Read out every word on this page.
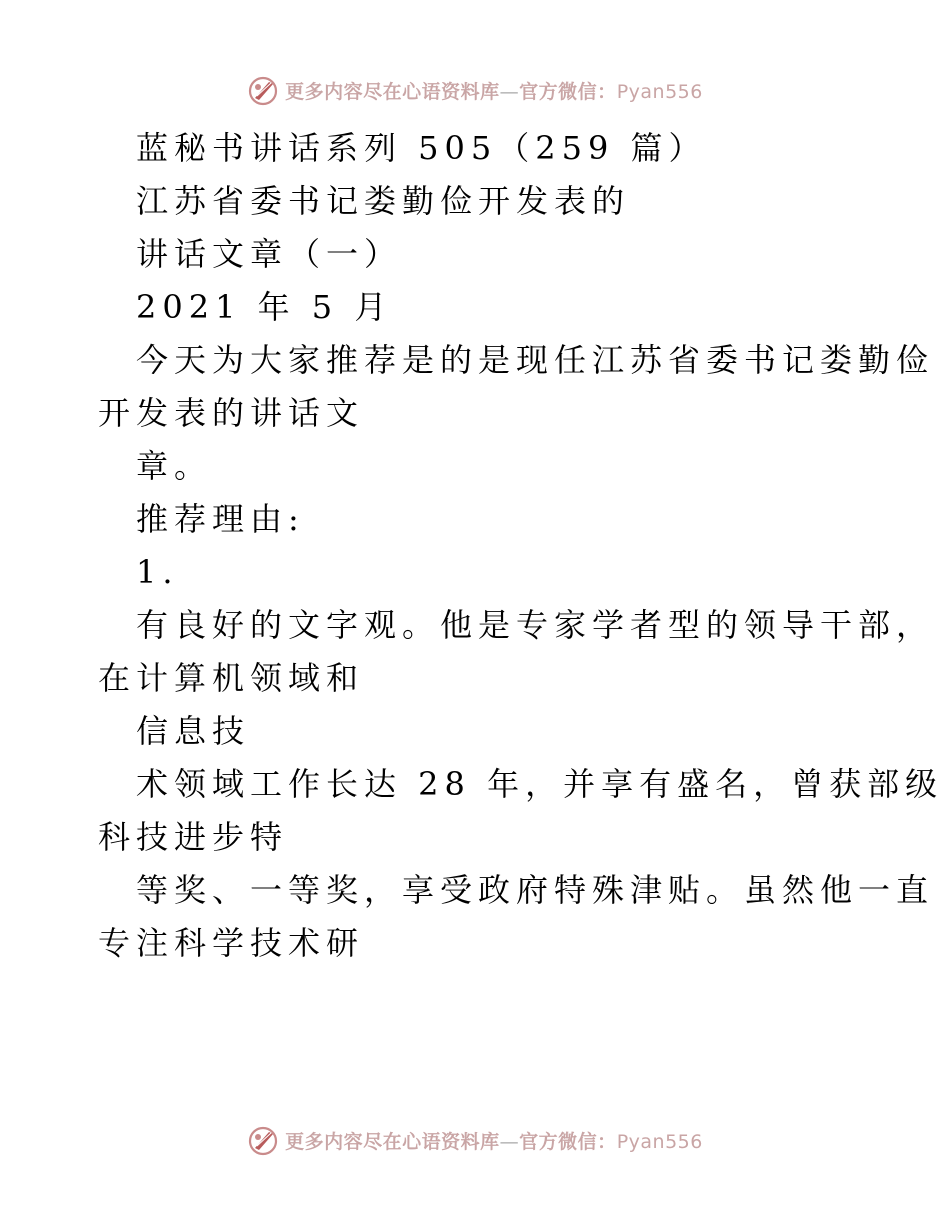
更多内容尽在心语资料库—官方微信：Pyan556
蓝秘书讲话系列 505（259 篇）
江苏省委书记娄勤俭开发表的
讲话文章（一）
2021 年 5 月
今天为大家推荐是的是现任江苏省委书记娄勤俭
开发表的讲话文
章。
推荐理由:
1.
有良好的文字观。他是专家学者型的领导干部，
在计算机领域和
信息技
术领域工作长达 28 年，并享有盛名，曾获部级
科技进步特
等奖、一等奖，享受政府特殊津贴。虽然他一直
专注科学技术研
更多内容尽在心语资料库—官方微信：Pyan556
